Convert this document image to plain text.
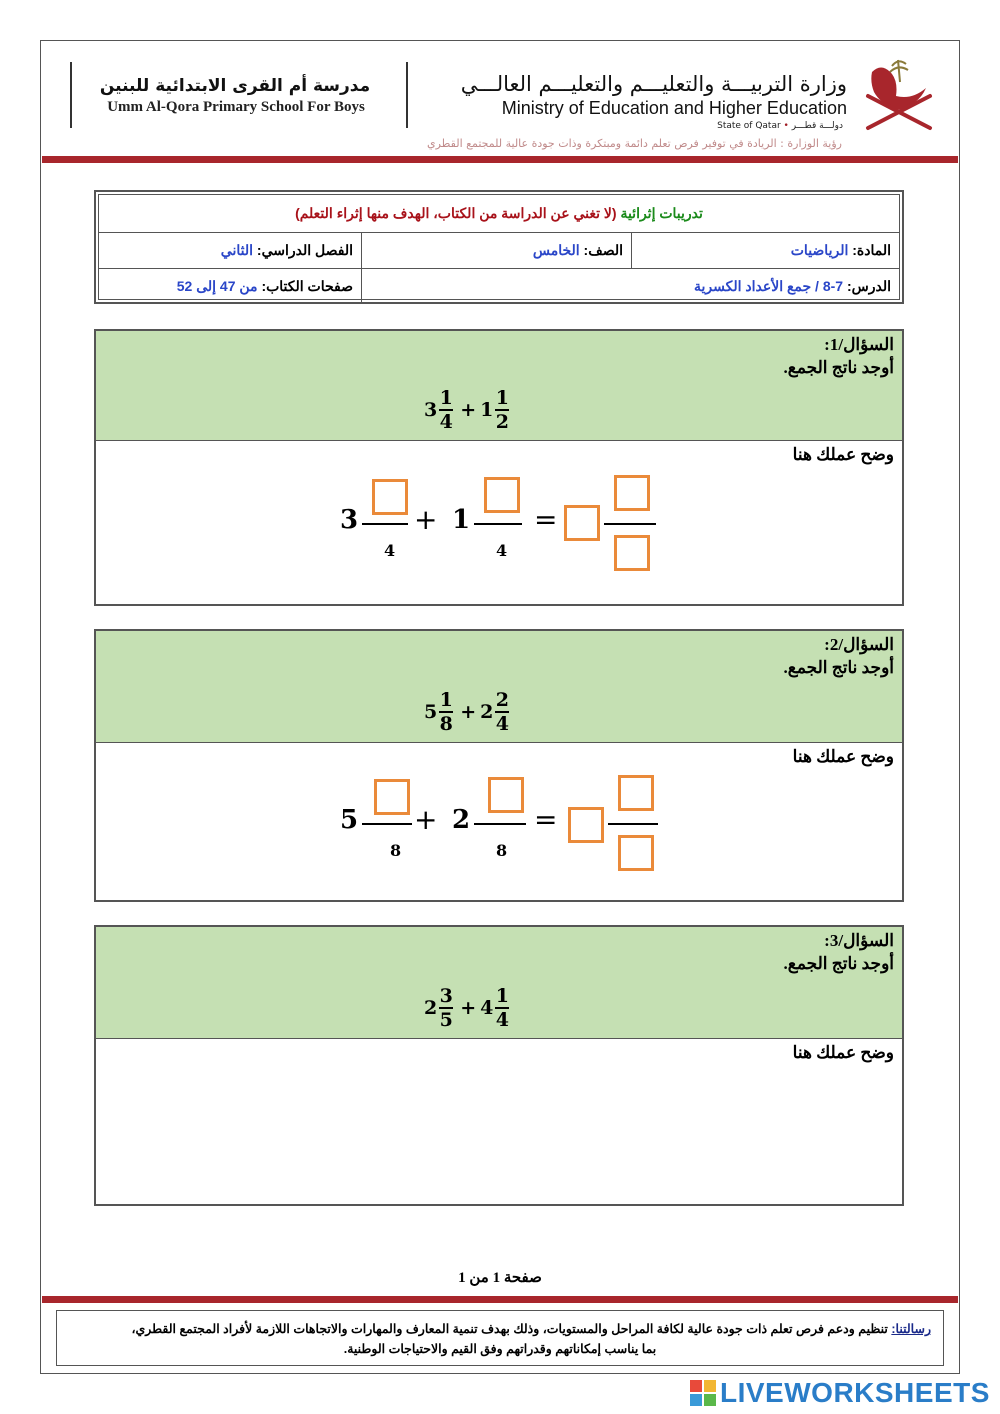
وزارة التربيـــة والتعليـــم والتعليـــم العالـــي
Ministry of Education and Higher Education
State of Qatar • دولـــة قطـــر
مدرسة أم القرى الابتدائية للبنين
Umm Al-Qora Primary School For Boys
رؤية الوزارة : الريادة في توفير فرص تعلم دائمة ومبتكرة وذات جودة عالية للمجتمع القطري
تدريبات إثرائية

(لا تغني عن الدراسة من الكتاب، الهدف منها إثراء التعلم)
المادة:

الرياضيات
الصف:

الخامس
الفصل الدراسي:

الثاني
الدرس:

8-7 / جمع الأعداد الكسرية
صفحات الكتاب:

من 47 إلى 52
السؤال/1:
أوجد ناتج الجمع.
$3 \frac{1}{4} + 1 \frac{1}{2}$
وضح عملك هنا
3
4
+ 1
4
=
السؤال/2:
أوجد ناتج الجمع.
$5 \frac{1}{8} + 2 \frac{2}{4}$
وضح عملك هنا
5
8
+ 2
8
=
السؤال/3:
أوجد ناتج الجمع.
$2 \frac{3}{5} + 4 \frac{1}{4}$
وضح عملك هنا
صفحة 1 من 1
رسالتنا: تنظيم ودعم فرص تعلم ذات جودة عالية لكافة المراحل والمستويات، وذلك بهدف تنمية المعارف والمهارات والاتجاهات اللازمة لأفراد المجتمع القطري،
بما يناسب إمكاناتهم وقدراتهم وفق القيم والاحتياجات الوطنية.
LIVEWORKSHEETS
